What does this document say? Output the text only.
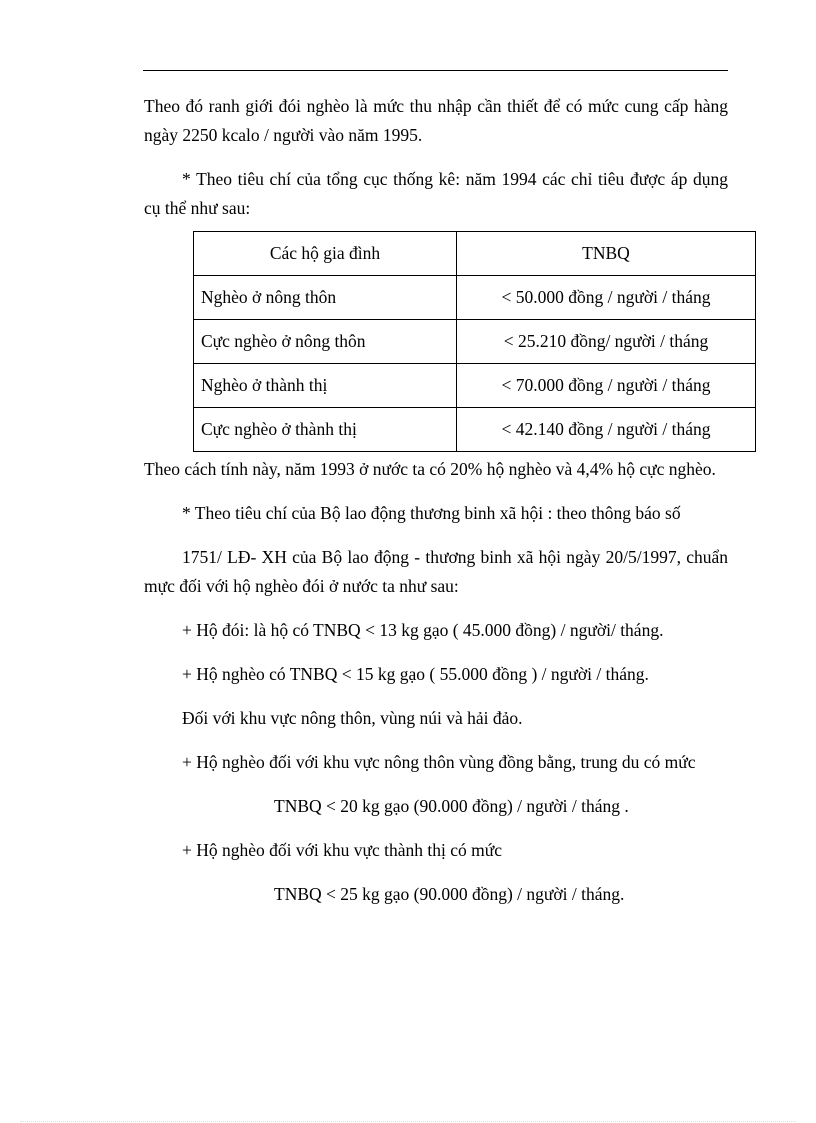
Theo đó ranh giới đói nghèo là mức thu nhập cần thiết để có mức cung cấp hàng ngày 2250 kcalo / người vào năm 1995.

* Theo tiêu chí của tổng cục thống kê: năm 1994 các chỉ tiêu được áp dụng cụ thể như sau:

Các hộ gia đình	TNBQ
Nghèo ở nông thôn	< 50.000 đồng / người / tháng
Cực nghèo ở nông thôn	< 25.210 đồng/ người / tháng
Nghèo ở thành thị	< 70.000 đồng / người / tháng
Cực nghèo ở thành thị	< 42.140 đồng / người / tháng

Theo cách tính này, năm 1993 ở nước ta có 20% hộ nghèo và 4,4% hộ cực nghèo.

* Theo tiêu chí của Bộ lao động thương binh xã hội : theo thông báo số

1751/ LĐ- XH của Bộ lao động - thương binh xã hội ngày 20/5/1997, chuẩn mực đối với hộ nghèo đói ở nước ta như sau:

+ Hộ đói: là hộ có TNBQ < 13 kg gạo ( 45.000 đồng) / người/ tháng.

+ Hộ nghèo có TNBQ < 15 kg gạo ( 55.000 đồng ) / người / tháng.

Đối với khu vực nông thôn, vùng núi và hải đảo.

+ Hộ nghèo đối với khu vực nông thôn vùng đồng bằng, trung du có mức

TNBQ < 20 kg gạo (90.000 đồng) / người / tháng .

+ Hộ nghèo đối với khu vực thành thị có mức

TNBQ < 25 kg gạo (90.000 đồng) / người / tháng.
